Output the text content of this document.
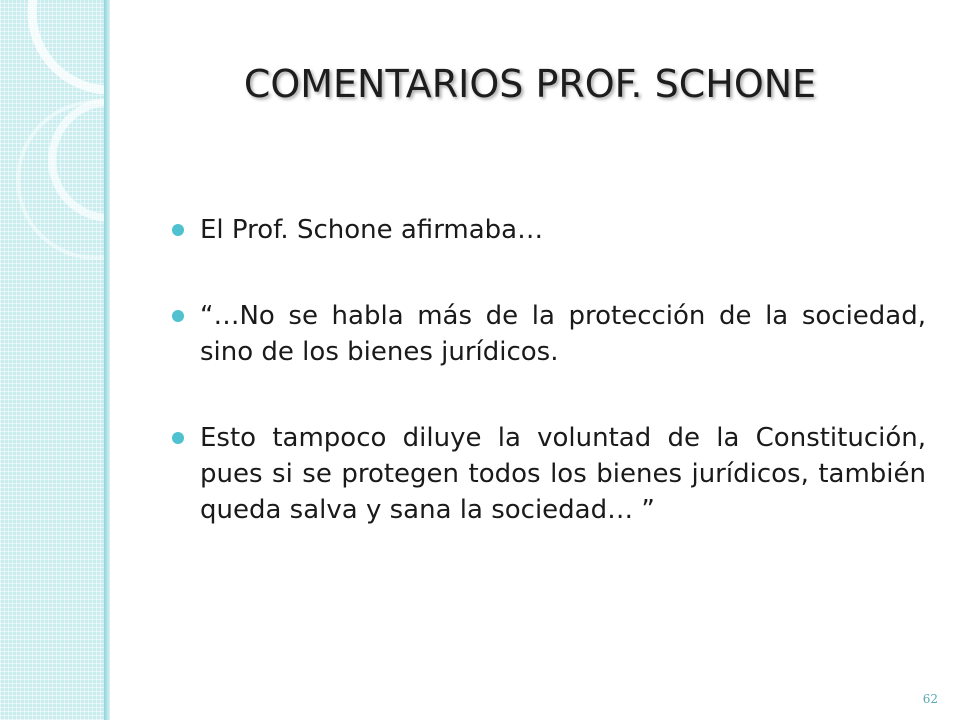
COMENTARIOS PROF. SCHONE
El Prof. Schone afirmaba…
“…No se habla más de la protección de la sociedad, sino de los bienes jurídicos.
Esto tampoco diluye la voluntad de la Constitución, pues si se protegen todos los bienes jurídicos, también queda salva y sana la sociedad… ”
62
